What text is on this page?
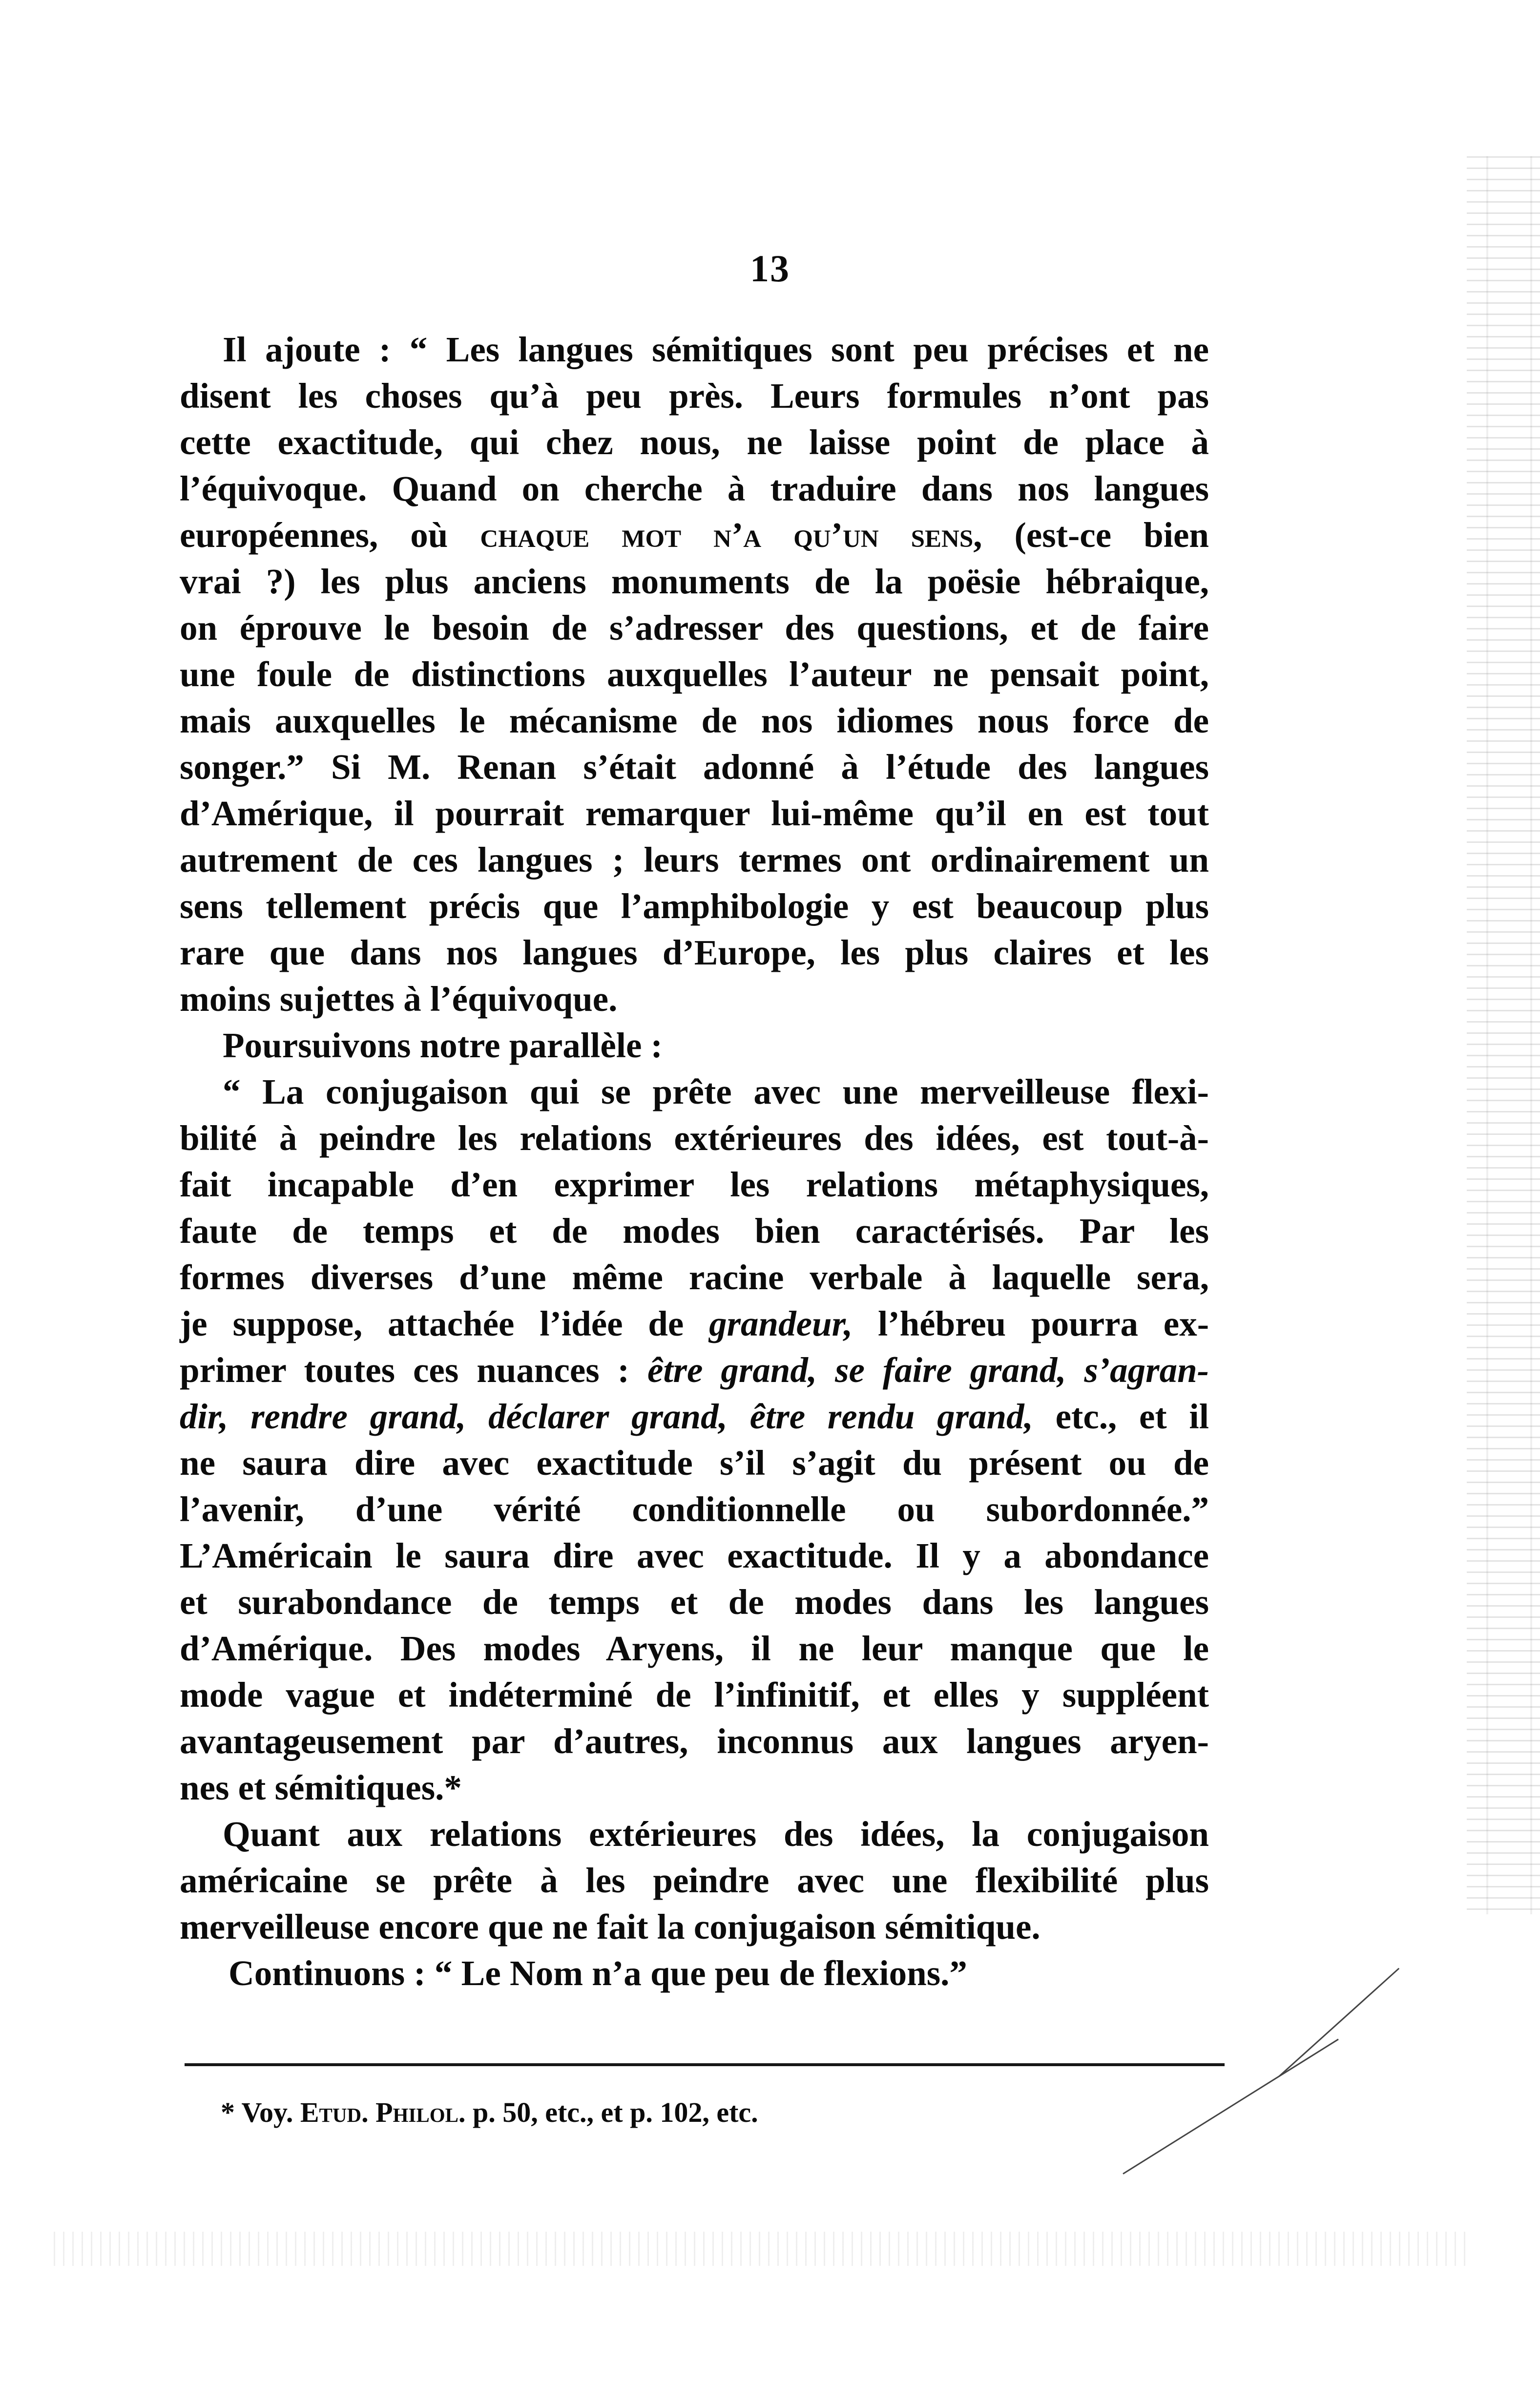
13
Il ajoute : “ Les langues sémitiques sont peu précises et ne
disent les choses qu’à peu près. Leurs formules n’ont pas
cette exactitude, qui chez nous, ne laisse point de place à
l’équivoque. Quand on cherche à traduire dans nos langues
européennes, où chaque mot n’a qu’un sens, (est-ce bien
vrai ?) les plus anciens monuments de la poësie hébraique,
on éprouve le besoin de s’adresser des questions, et de faire
une foule de distinctions auxquelles l’auteur ne pensait point,
mais auxquelles le mécanisme de nos idiomes nous force de
songer.” Si M. Renan s’était adonné à l’étude des langues
d’Amérique, il pourrait remarquer lui-même qu’il en est tout
autrement de ces langues ; leurs termes ont ordinairement un
sens tellement précis que l’amphibologie y est beaucoup plus
rare que dans nos langues d’Europe, les plus claires et les
moins sujettes à l’équivoque.
Poursuivons notre parallèle :
“ La conjugaison qui se prête avec une merveilleuse flexi-
bilité à peindre les relations extérieures des idées, est tout-à-
fait incapable d’en exprimer les relations métaphysiques,
faute de temps et de modes bien caractérisés. Par les
formes diverses d’une même racine verbale à laquelle sera,
je suppose, attachée l’idée de grandeur, l’hébreu pourra ex-
primer toutes ces nuances : être grand, se faire grand, s’agran-
dir, rendre grand, déclarer grand, être rendu grand, etc., et il
ne saura dire avec exactitude s’il s’agit du présent ou de
l’avenir, d’une vérité conditionnelle ou subordonnée.”
L’Américain le saura dire avec exactitude. Il y a abondance
et surabondance de temps et de modes dans les langues
d’Amérique. Des modes Aryens, il ne leur manque que le
mode vague et indéterminé de l’infinitif, et elles y suppléent
avantageusement par d’autres, inconnus aux langues aryen-
nes et sémitiques.*
Quant aux relations extérieures des idées, la conjugaison
américaine se prête à les peindre avec une flexibilité plus
merveilleuse encore que ne fait la conjugaison sémitique.
Continuons : “ Le Nom n’a que peu de flexions.”
* Voy. Etud. Philol. p. 50, etc., et p. 102, etc.
